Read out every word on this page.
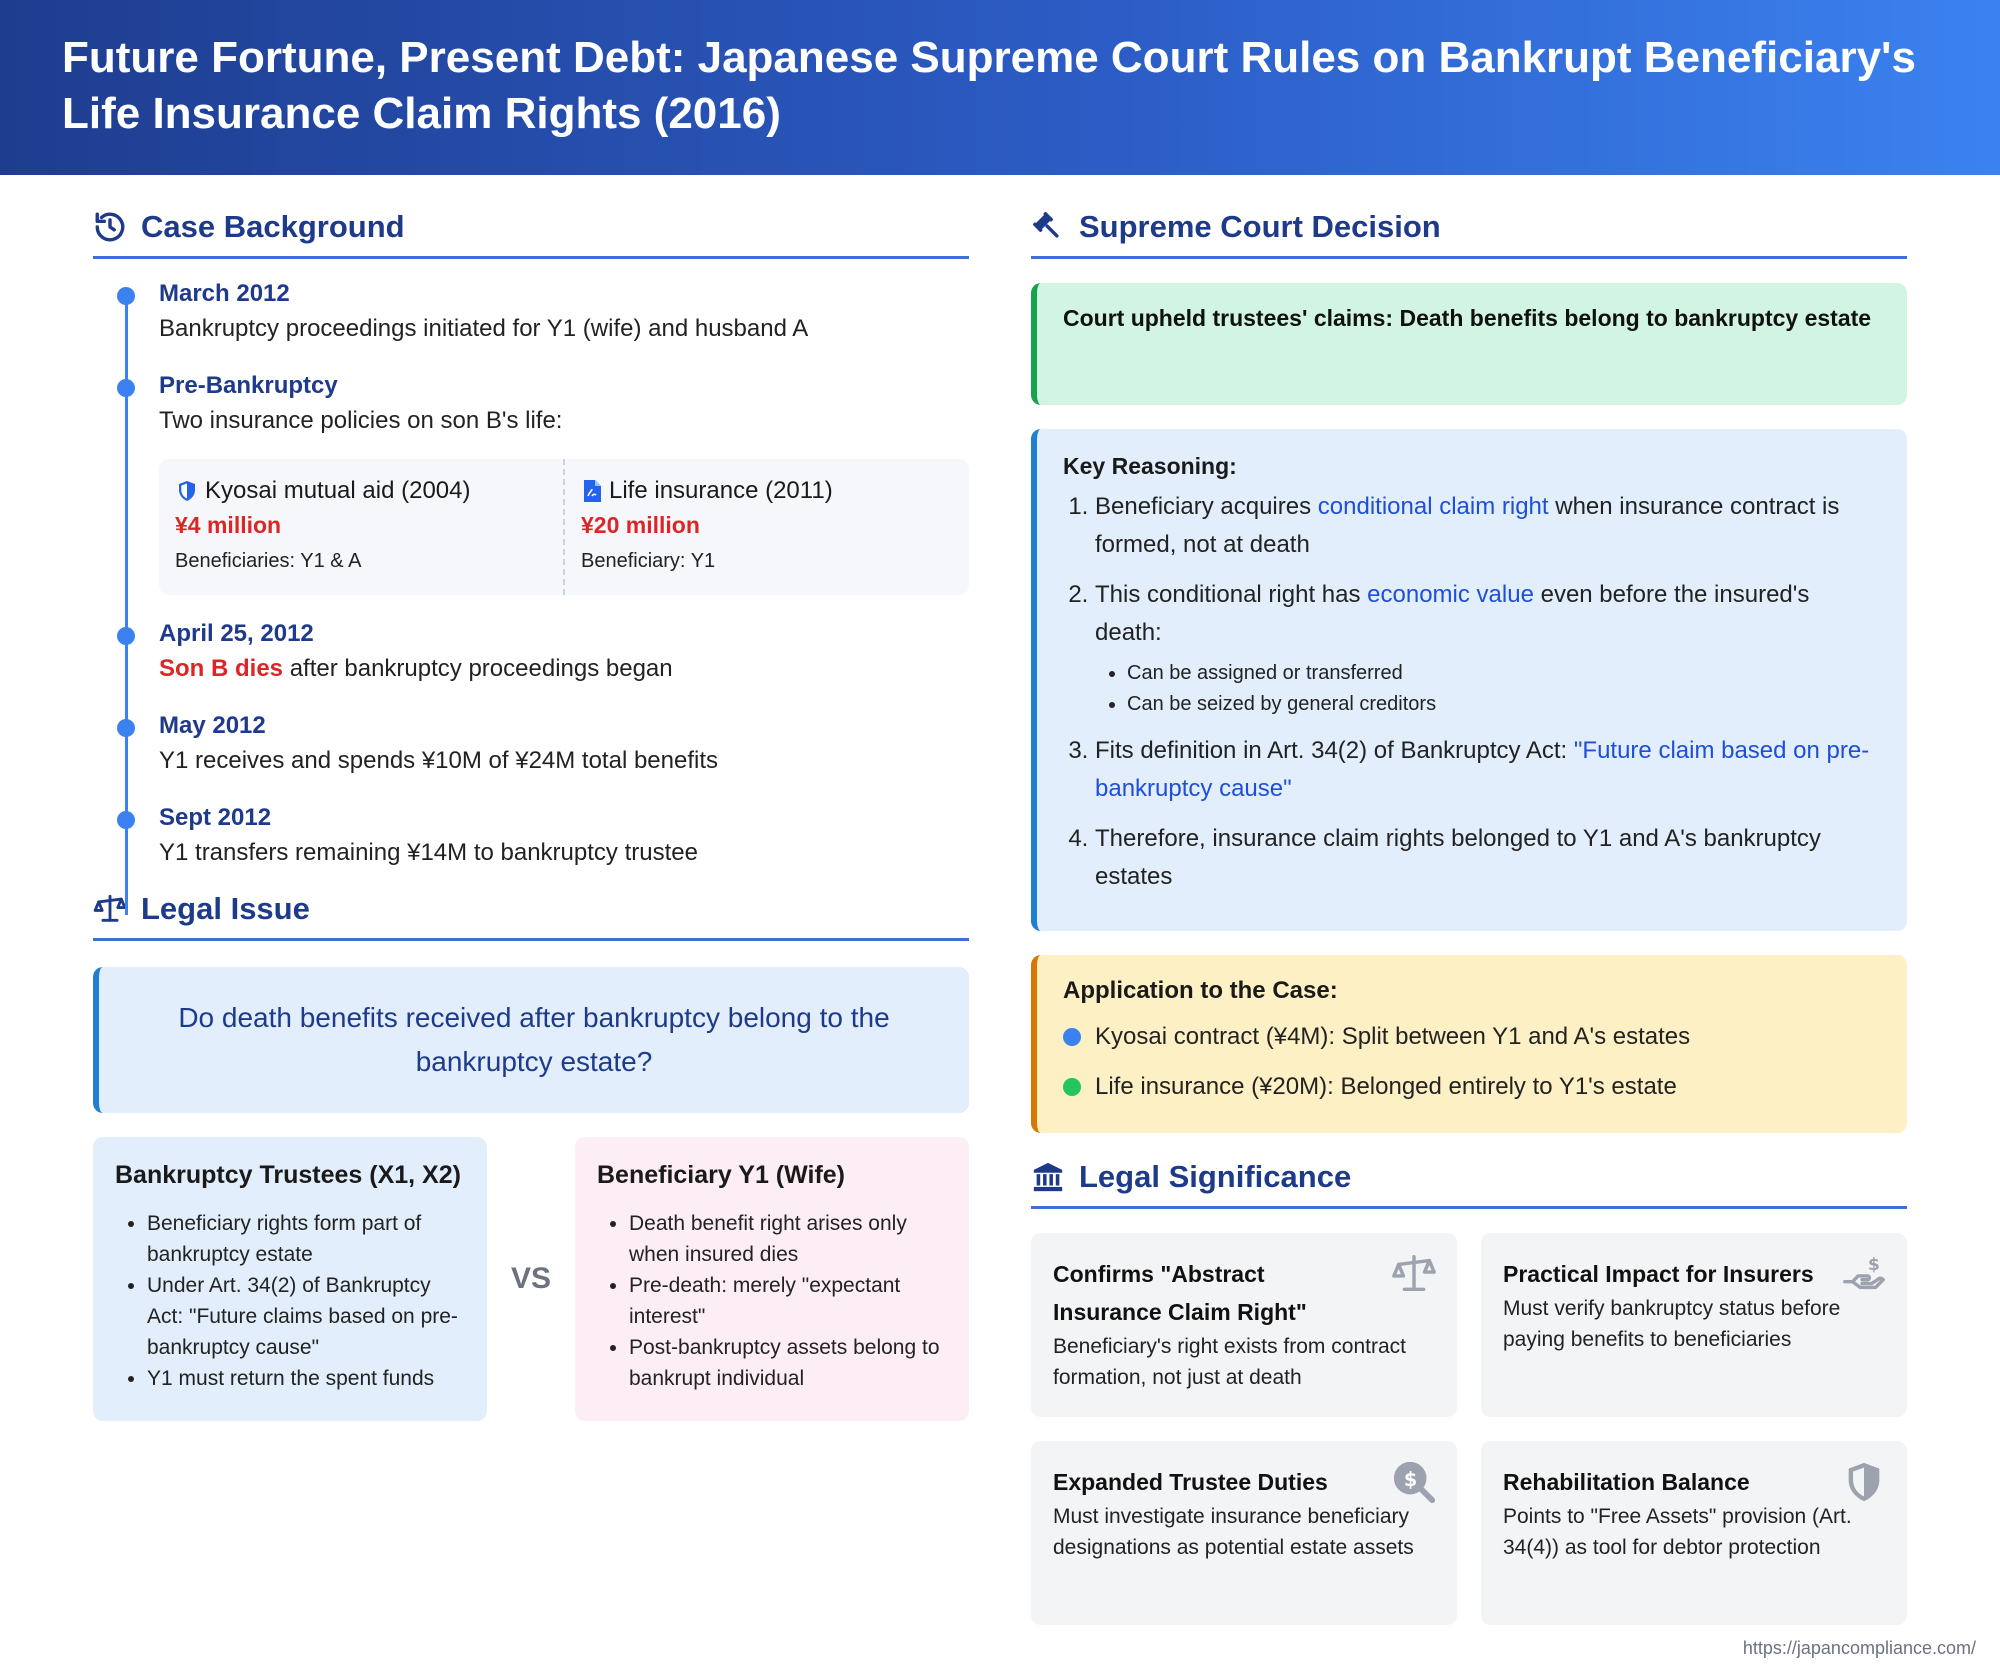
Future Fortune, Present Debt: Japanese Supreme Court Rules on Bankrupt Beneficiary's Life Insurance Claim Rights (2016)
Case Background
March 2012
Bankruptcy proceedings initiated for Y1 (wife) and husband A
Pre-Bankruptcy
Two insurance policies on son B's life:
Kyosai mutual aid (2004)
¥4 million
Beneficiaries: Y1 & A
Life insurance (2011)
¥20 million
Beneficiary: Y1
April 25, 2012
Son B dies after bankruptcy proceedings began
May 2012
Y1 receives and spends ¥10M of ¥24M total benefits
Sept 2012
Y1 transfers remaining ¥14M to bankruptcy trustee
Legal Issue

Do death benefits received after bankruptcy belong to the bankruptcy estate?

Bankruptcy Trustees (X1, X2)
• Beneficiary rights form part of bankruptcy estate
• Under Art. 34(2) of Bankruptcy Act: "Future claims based on pre-bankruptcy cause"
• Y1 must return the spent funds
VS
Beneficiary Y1 (Wife)
• Death benefit right arises only when insured dies
• Pre-death: merely "expectant interest"
• Post-bankruptcy assets belong to bankrupt individual
Supreme Court Decision

Court upheld trustees' claims: Death benefits belong to bankruptcy estate

Key Reasoning:
1. Beneficiary acquires conditional claim right when insurance contract is formed, not at death
2. This conditional right has economic value even before the insured's death:
• Can be assigned or transferred
• Can be seized by general creditors
3. Fits definition in Art. 34(2) of Bankruptcy Act: "Future claim based on pre-bankruptcy cause"
4. Therefore, insurance claim rights belonged to Y1 and A's bankruptcy estates
Application to the Case:
Kyosai contract (¥4M): Split between Y1 and A's estates
Life insurance (¥20M): Belonged entirely to Y1's estate
Legal Significance
Confirms "Abstract Insurance Claim Right"

Beneficiary's right exists from contract formation, not just at death

$
Practical Impact for Insurers

Must verify bankruptcy status before paying benefits to beneficiaries

$
Expanded Trustee Duties

Must investigate insurance beneficiary designations as potential estate assets

Rehabilitation Balance

Points to "Free Assets" provision (Art. 34(4)) as tool for debtor protection

https://japancompliance.com/
